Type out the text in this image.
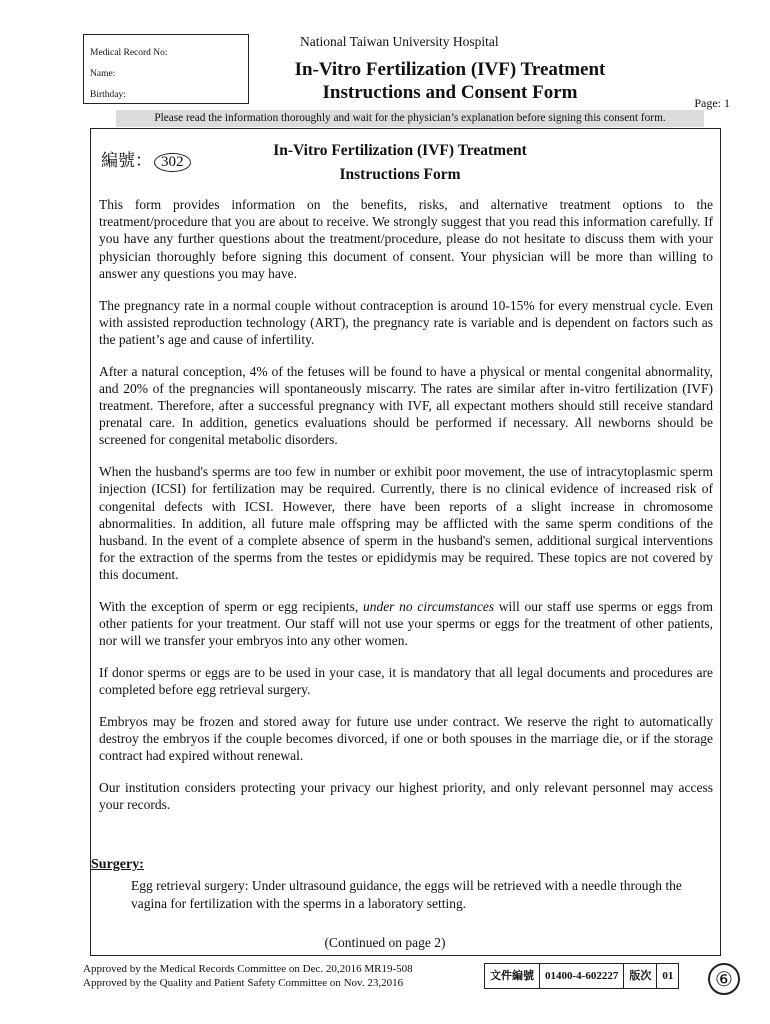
Medical Record No:
Name:
Birthday:
National Taiwan University Hospital
In-Vitro Fertilization (IVF) Treatment
Instructions and Consent Form	Page: 1
Please read the information thoroughly and wait for the physician’s explanation before signing this consent form.
編號： 302
In-Vitro Fertilization (IVF) Treatment
Instructions Form

This form provides information on the benefits, risks, and alternative treatment options to the treatment/procedure that you are about to receive. We strongly suggest that you read this information carefully. If you have any further questions about the treatment/procedure, please do not hesitate to discuss them with your physician thoroughly before signing this document of consent. Your physician will be more than willing to answer any questions you may have.

The pregnancy rate in a normal couple without contraception is around 10-15% for every menstrual cycle. Even with assisted reproduction technology (ART), the pregnancy rate is variable and is dependent on factors such as the patient’s age and cause of infertility.

After a natural conception, 4% of the fetuses will be found to have a physical or mental congenital abnormality, and 20% of the pregnancies will spontaneously miscarry. The rates are similar after in-vitro fertilization (IVF) treatment. Therefore, after a successful pregnancy with IVF, all expectant mothers should still receive standard prenatal care. In addition, genetics evaluations should be performed if necessary. All newborns should be screened for congenital metabolic disorders.

When the husband's sperms are too few in number or exhibit poor movement, the use of intracytoplasmic sperm injection (ICSI) for fertilization may be required. Currently, there is no clinical evidence of increased risk of congenital defects with ICSI. However, there have been reports of a slight increase in chromosome abnormalities. In addition, all future male offspring may be afflicted with the same sperm conditions of the husband. In the event of a complete absence of sperm in the husband's semen, additional surgical interventions for the extraction of the sperms from the testes or epididymis may be required. These topics are not covered by this document.

With the exception of sperm or egg recipients, under no circumstances will our staff use sperms or eggs from other patients for your treatment. Our staff will not use your sperms or eggs for the treatment of other patients, nor will we transfer your embryos into any other women.

If donor sperms or eggs are to be used in your case, it is mandatory that all legal documents and procedures are completed before egg retrieval surgery.

Embryos may be frozen and stored away for future use under contract. We reserve the right to automatically destroy the embryos if the couple becomes divorced, if one or both spouses in the marriage die, or if the storage contract had expired without renewal.

Our institution considers protecting your privacy our highest priority, and only relevant personnel may access your records.

Surgery:
Egg retrieval surgery: Under ultrasound guidance, the eggs will be retrieved with a needle through the vagina for fertilization with the sperms in a laboratory setting.
(Continued on page 2)
Approved by the Medical Records Committee on Dec. 20,2016 MR19-508
Approved by the Quality and Patient Safety Committee on Nov. 23,2016
文件編號	01400-4-602227	版次	01	⑥
